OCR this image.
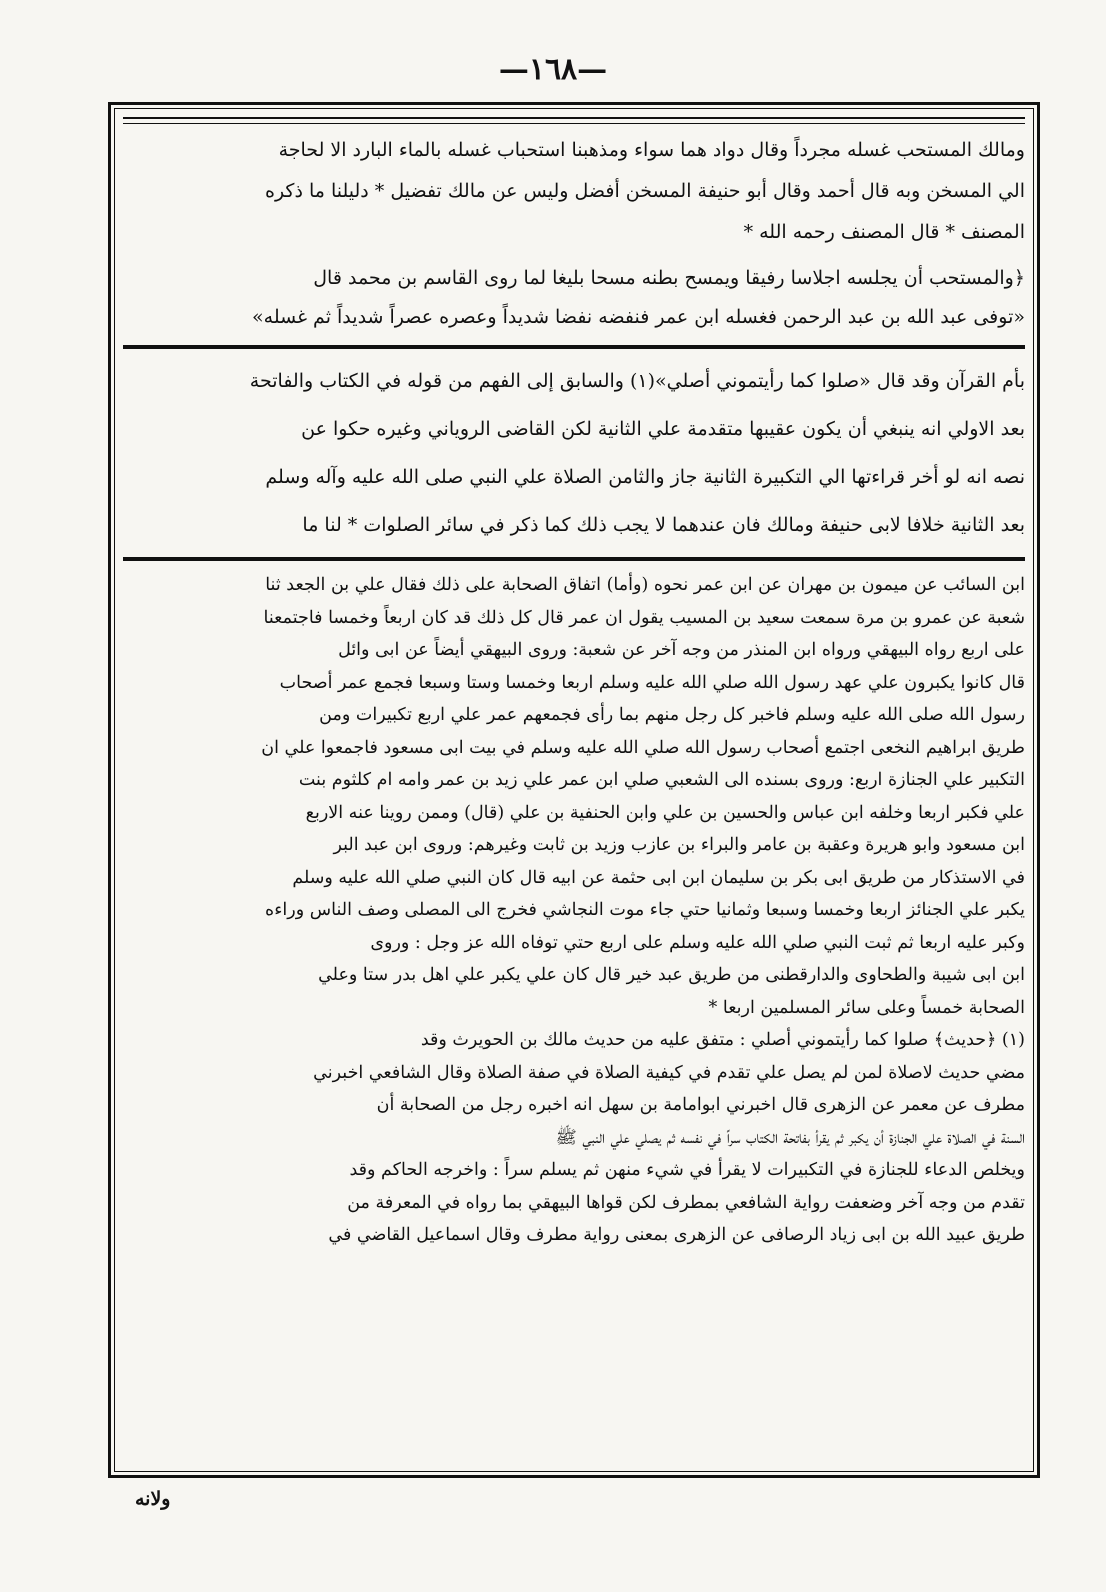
—١٦٨—

ومالك المستحب غسله مجرداً وقال دواد هما سواء ومذهبنا استحباب غسله بالماء البارد الا لحاجة

الي المسخن وبه قال أحمد وقال أبو حنيفة المسخن أفضل وليس عن مالك تفضيل * دليلنا ما ذكره

المصنف * قال المصنف رحمه الله *

﴿والمستحب أن يجلسه اجلاسا رفيقا ويمسح بطنه مسحا بليغا لما روى القاسم بن محمد قال

«توفى عبد الله بن عبد الرحمن فغسله ابن عمر فنفضه نفضا شديداً وعصره عصراً شديداً ثم غسله»

بأم القرآن وقد قال «صلوا كما رأيتموني أصلي»(١) والسابق إلى الفهم من قوله في الكتاب والفاتحة

بعد الاولي انه ينبغي أن يكون عقيبها متقدمة علي الثانية لكن القاضى الروياني وغيره حكوا عن

نصه انه لو أخر قراءتها الي التكبيرة الثانية جاز والثامن الصلاة علي النبي صلى الله عليه وآله وسلم

بعد الثانية خلافا لابى حنيفة ومالك فان عندهما لا يجب ذلك كما ذكر في سائر الصلوات * لنا ما

ابن السائب عن ميمون بن مهران عن ابن عمر نحوه (وأما) اتفاق الصحابة على ذلك فقال علي بن الجعد ثنا

شعبة عن عمرو بن مرة سمعت سعيد بن المسيب يقول ان عمر قال كل ذلك قد كان اربعاً وخمسا فاجتمعنا

على اربع رواه البيهقي ورواه ابن المنذر من وجه آخر عن شعبة: وروى البيهقي أيضاً عن ابى وائل

قال كانوا يكبرون علي عهد رسول الله صلي الله عليه وسلم اربعا وخمسا وستا وسبعا فجمع عمر أصحاب

رسول الله صلى الله عليه وسلم فاخبر كل رجل منهم بما رأى فجمعهم عمر علي اربع تكبيرات ومن

طريق ابراهيم النخعى اجتمع أصحاب رسول الله صلي الله عليه وسلم في بيت ابى مسعود فاجمعوا علي ان

التكبير علي الجنازة اربع: وروى بسنده الى الشعبي صلي ابن عمر علي زيد بن عمر وامه ام كلثوم بنت

علي فكبر اربعا وخلفه ابن عباس والحسين بن علي وابن الحنفية بن علي (قال) وممن روينا عنه الاربع

ابن مسعود وابو هريرة وعقبة بن عامر والبراء بن عازب وزيد بن ثابت وغيرهم: وروى ابن عبد البر

في الاستذكار من طريق ابى بكر بن سليمان ابن ابى حثمة عن ابيه قال كان النبي صلي الله عليه وسلم

يكبر علي الجنائز اربعا وخمسا وسبعا وثمانيا حتي جاء موت النجاشي فخرج الى المصلى وصف الناس وراءه

وكبر عليه اربعا ثم ثبت النبي صلي الله عليه وسلم على اربع حتي توفاه الله عز وجل : وروى

ابن ابى شيبة والطحاوى والدارقطنى من طريق عبد خير قال كان علي يكبر علي اهل بدر ستا وعلي

الصحابة خمساً وعلى سائر المسلمين اربعا *

(١) ﴿حديث﴾ صلوا كما رأيتموني أصلي : متفق عليه من حديث مالك بن الحويرث وقد

مضي حديث لاصلاة لمن لم يصل علي تقدم في كيفية الصلاة في صفة الصلاة وقال الشافعي اخبرني

مطرف عن معمر عن الزهرى قال اخبرني ابوامامة بن سهل انه اخبره رجل من الصحابة أن

السنة في الصلاة علي الجنازة أن يكبر ثم يقرأ بفاتحة الكتاب سراً في نفسه ثم يصلي علي النبي ﷺ

ويخلص الدعاء للجنازة في التكبيرات لا يقرأ في شيء منهن ثم يسلم سراً : واخرجه الحاكم وقد

تقدم من وجه آخر وضعفت رواية الشافعي بمطرف لكن قواها البيهقي بما رواه في المعرفة من

طريق عبيد الله بن ابى زياد الرصافى عن الزهرى بمعنى رواية مطرف وقال اسماعيل القاضي في

ولانه
